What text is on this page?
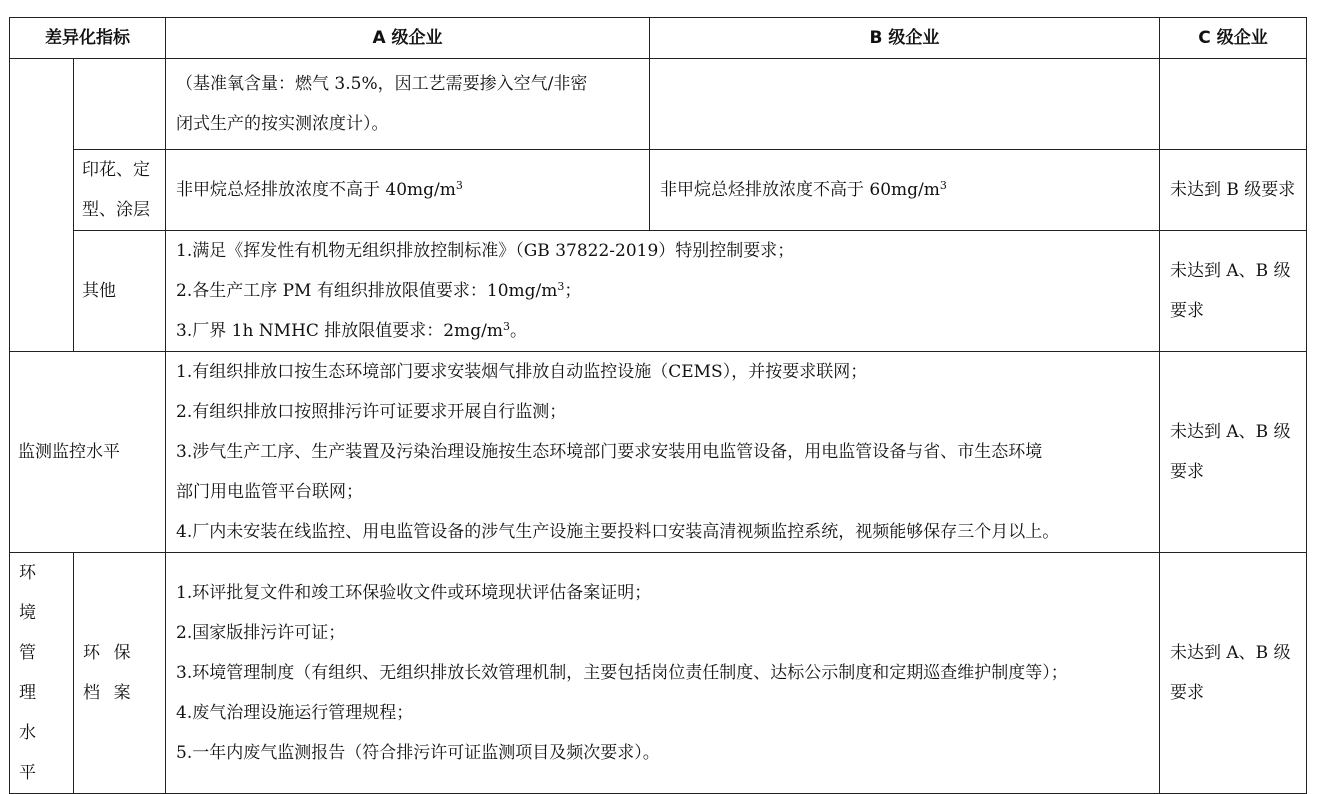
差异化指标		A 级企业	B 级企业	C 级企业

		（基准氧含量：燃气 3.5%，因工艺需要掺入空气/非密
闭式生产的按实测浓度计）。		

	印花、定型、涂层	非甲烷总烃排放浓度不高于 $40mg/m^3$	非甲烷总烃排放浓度不高于 $60mg/m^3$	未达到 B 级要求
	其他	1.满足《挥发性有机物无组织排放控制标准》（GB 37822-2019）特别控制要求；
2.各生产工序 PM 有组织排放限值要求：$10mg/m^3$；
3.厂界 1h NMHC 排放限值要求：$2mg/m^3$。		未达到 A、B 级要求
监测监控水平		1.有组织排放口按生态环境部门要求安装烟气排放自动监控设施（CEMS），并按要求联网；
2.有组织排放口按照排污许可证要求开展自行监测；
3.涉气生产工序、生产装置及污染治理设施按生态环境部门要求安装用电监管设备，用电监管设备与省、市生态环境
部门用电监管平台联网；
4.厂内未安装在线监控、用电监管设备的涉气生产设施主要投料口安装高清视频监控系统，视频能够保存三个月以上。		未达到 A、B 级要求
环境管理水平	环保档案	1.环评批复文件和竣工环保验收文件或环境现状评估备案证明；
2.国家版排污许可证；
3.环境管理制度（有组织、无组织排放长效管理机制，主要包括岗位责任制度、达标公示制度和定期巡查维护制度等）；
4.废气治理设施运行管理规程；
5.一年内废气监测报告（符合排污许可证监测项目及频次要求）。		未达到 A、B 级要求
